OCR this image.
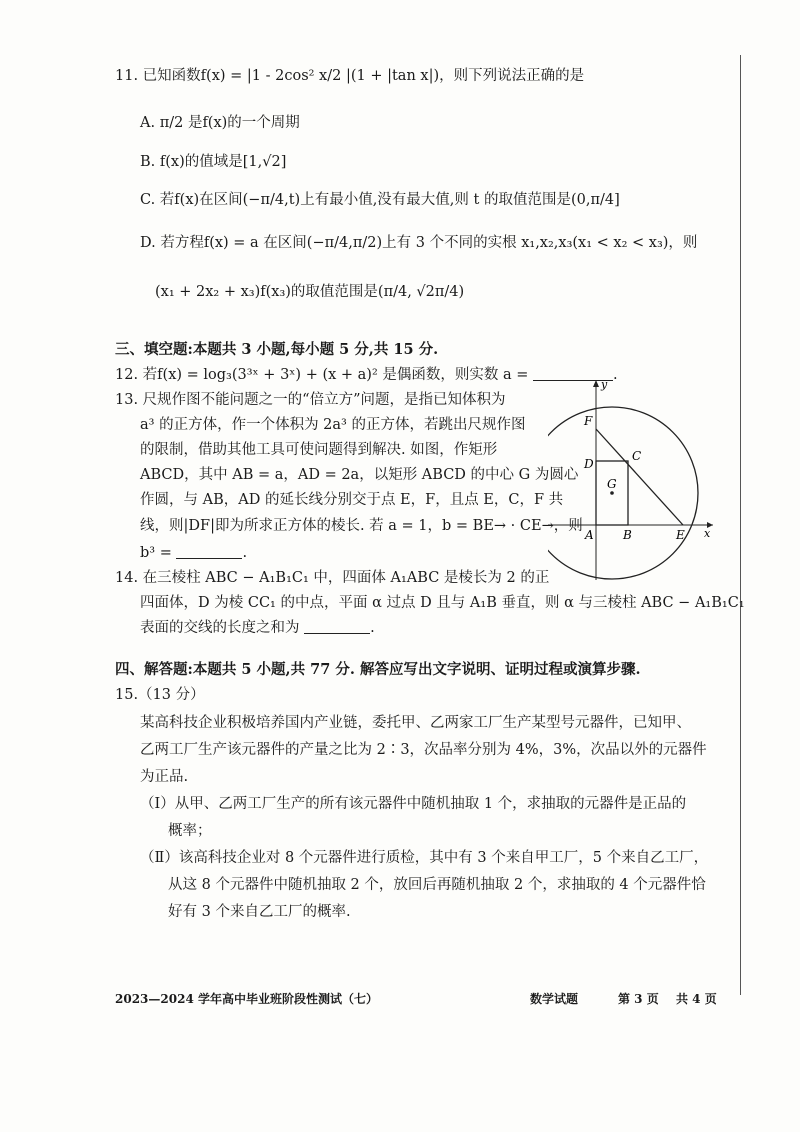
11. 已知函数f(x) = |1 - 2cos² x/2 |(1 + |tan x|)，则下列说法正确的是
A. π/2 是f(x)的一个周期
B. f(x)的值域是[1,√2]
C. 若f(x)在区间(−π/4,t)上有最小值,没有最大值,则 t 的取值范围是(0,π/4]
D. 若方程f(x) = a 在区间(−π/4,π/2)上有 3 个不同的实根 x₁,x₂,x₃(x₁ < x₂ < x₃)，则
(x₁ + 2x₂ + x₃)f(x₃)的取值范围是(π/4, √2π/4)
三、填空题:本题共 3 小题,每小题 5 分,共 15 分.
12. 若f(x) = log₃(3³ˣ + 3ˣ) + (x + a)² 是偶函数，则实数 a =	.
13. 尺规作图不能问题之一的“倍立方”问题，是指已知体积为
a³ 的正方体，作一个体积为 2a³ 的正方体，若跳出尺规作图
的限制，借助其他工具可使问题得到解决. 如图，作矩形
ABCD，其中 AB = a，AD = 2a，以矩形 ABCD 的中心 G 为圆心
作圆，与 AB，AD 的延长线分别交于点 E，F，且点 E，C，F 共
线，则|DF|即为所求正方体的棱长. 若 a = 1，b = BE→ · CE→，则
b³ =	.
F
D
C
G
A B	E x
y
14. 在三棱柱 ABC − A₁B₁C₁ 中，四面体 A₁ABC 是棱长为 2 的正
四面体，D 为棱 CC₁ 的中点，平面 α 过点 D 且与 A₁B 垂直，则 α 与三棱柱 ABC − A₁B₁C₁
表面的交线的长度之和为	.
四、解答题:本题共 5 小题,共 77 分. 解答应写出文字说明、证明过程或演算步骤.
15.（13 分）
某高科技企业积极培养国内产业链，委托甲、乙两家工厂生产某型号元器件，已知甲、
乙两工厂生产该元器件的产量之比为 2∶3，次品率分别为 4%，3%，次品以外的元器件
为正品.
（Ⅰ）从甲、乙两工厂生产的所有该元器件中随机抽取 1 个，求抽取的元器件是正品的
概率；
（Ⅱ）该高科技企业对 8 个元器件进行质检，其中有 3 个来自甲工厂，5 个来自乙工厂，
从这 8 个元器件中随机抽取 2 个，放回后再随机抽取 2 个，求抽取的 4 个元器件恰
好有 3 个来自乙工厂的概率.
2023—2024 学年高中毕业班阶段性测试（七）	数学试题	第 3 页 共 4 页
